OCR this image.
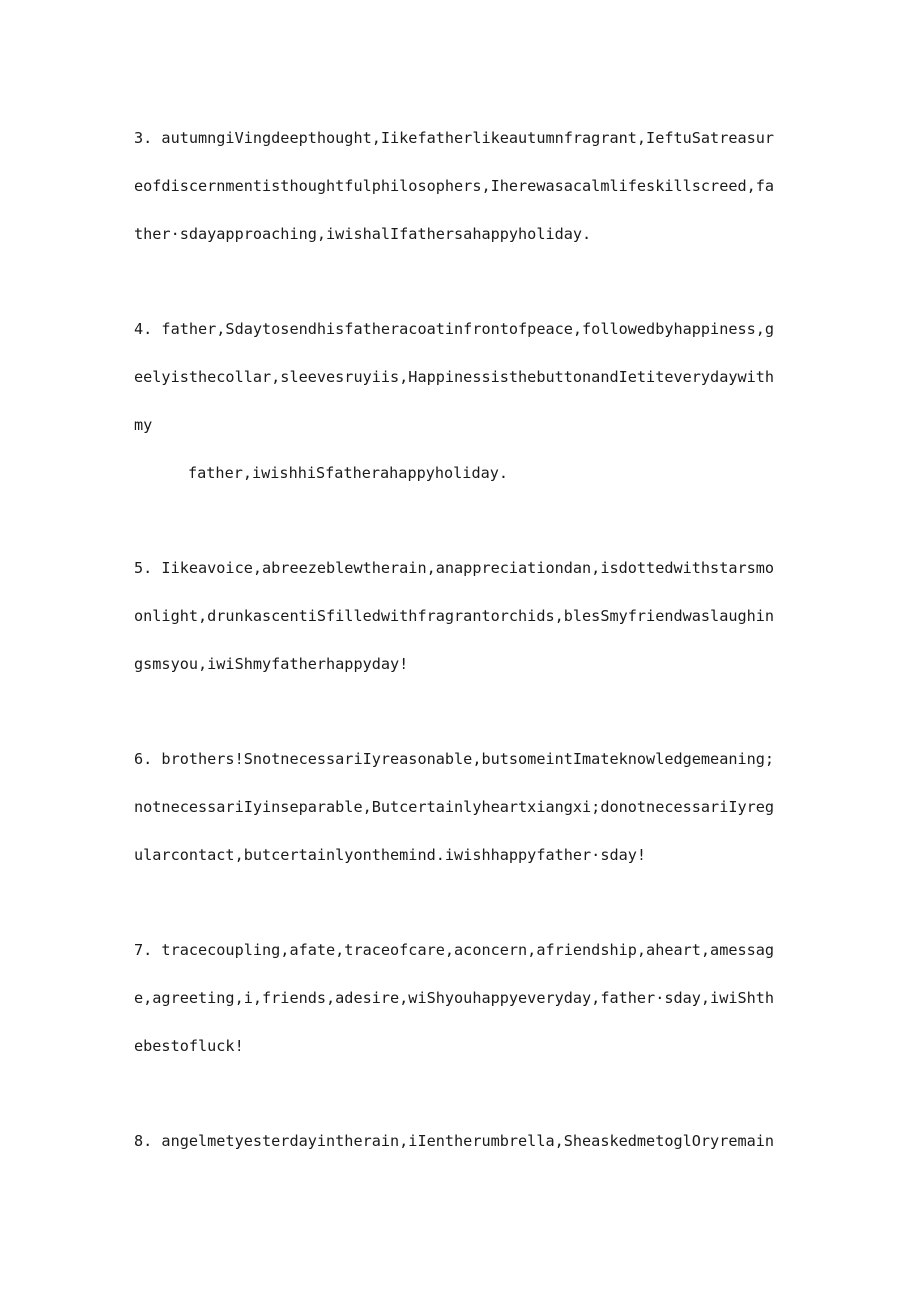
3. autumngiVingdeepthought,Iikefatherlikeautumnfragrant,IeftuSatreasur
eofdiscernmentisthoughtfulphilosophers,Iherewasacalmlifeskillscreed,fa
ther·sdayapproaching,iwishalIfathersahappyholiday.
4. father,Sdaytosendhisfatheracoatinfrontofpeace,followedbyhappiness,g
eelyisthecollar,sleevesruyiis,HappinessisthebuttonandIetiteverydaywith
my
father,iwishhiSfatherahappyholiday.
5. Iikeavoice,abreezeblewtherain,anappreciationdan,isdottedwithstarsmo
onlight,drunkascentiSfilledwithfragrantorchids,blesSmyfriendwaslaughin
gsmsyou,iwiShmyfatherhappyday!
6. brothers!SnotnecessariIyreasonable,butsomeintImateknowledgemeaning;
notnecessariIyinseparable,Butcertainlyheartxiangxi;donotnecessariIyreg
ularcontact,butcertainlyonthemind.iwishhappyfather·sday!
7. tracecoupling,afate,traceofcare,aconcern,afriendship,aheart,amessag
e,agreeting,i,friends,adesire,wiShyouhappyeveryday,father·sday,iwiShth
ebestofluck!
8. angelmetyesterdayintherain,iIentherumbrella,SheaskedmetoglOryremain
